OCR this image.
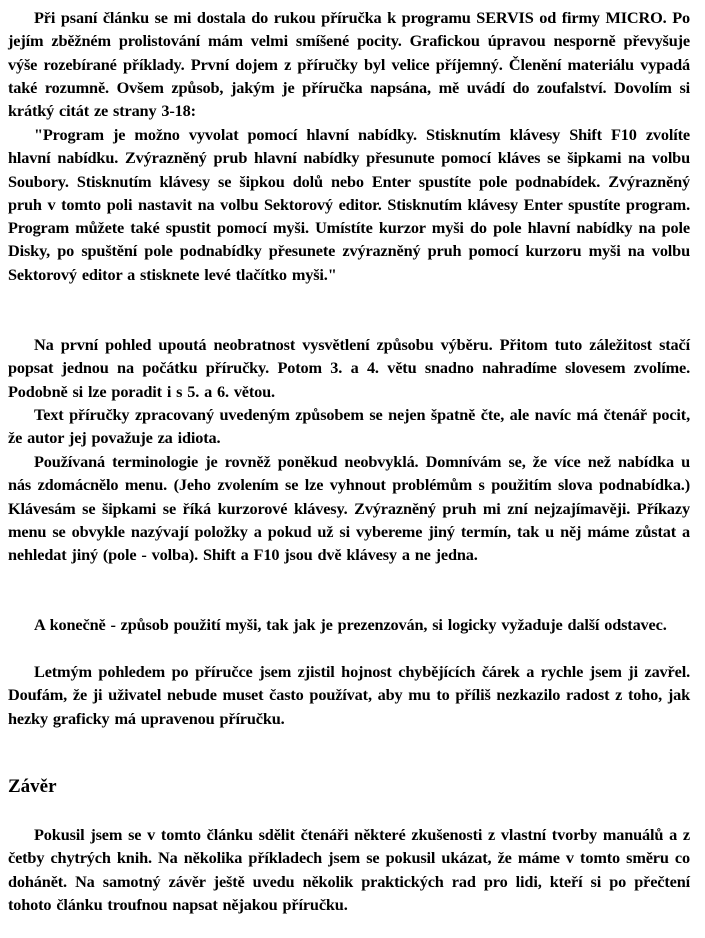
Při psaní článku se mi dostala do rukou příručka k programu SERVIS od firmy MICRO. Po jejím zběžném prolistování mám velmi smíšené pocity. Grafickou úpravou nesporně převyšuje výše rozebírané příklady. První dojem z příručky byl velice příjemný. Členění materiálu vypadá také rozumně. Ovšem způsob, jakým je příručka napsána, mě uvádí do zoufalství. Dovolím si krátký citát ze strany 3-18:

"Program je možno vyvolat pomocí hlavní nabídky. Stisknutím klávesy Shift F10 zvolíte hlavní nabídku. Zvýrazněný prub hlavní nabídky přesunute pomocí kláves se šipkami na volbu Soubory. Stisknutím klávesy se šipkou dolů nebo Enter spustíte pole podnabídek. Zvýrazněný pruh v tomto poli nastavit na volbu Sektorový editor. Stisknutím klávesy Enter spustíte program. Program můžete také spustit pomocí myši. Umístíte kurzor myši do pole hlavní nabídky na pole Disky, po spuštění pole podnabídky přesunete zvýrazněný pruh pomocí kurzoru myši na volbu Sektorový editor a stisknete levé tlačítko myši."

Na první pohled upoutá neobratnost vysvětlení způsobu výběru. Přitom tuto záležitost stačí popsat jednou na počátku příručky. Potom 3. a 4. větu snadno nahradíme slovesem zvolíme. Podobně si lze poradit i s 5. a 6. větou.

Text příručky zpracovaný uvedeným způsobem se nejen špatně čte, ale navíc má čtenář pocit, že autor jej považuje za idiota.

Používaná terminologie je rovněž poněkud neobvyklá. Domnívám se, že více než nabídka u nás zdomácnělo menu. (Jeho zvolením se lze vyhnout problémům s použitím slova podnabídka.) Klávesám se šipkami se říká kurzorové klávesy. Zvýrazněný pruh mi zní nejzajímavěji. Příkazy menu se obvykle nazývají položky a pokud už si vybereme jiný termín, tak u něj máme zůstat a nehledat jiný (pole - volba). Shift a F10 jsou dvě klávesy a ne jedna.

A konečně - způsob použití myši, tak jak je prezenzován, si logicky vyžaduje další odstavec.

Letmým pohledem po příručce jsem zjistil hojnost chybějících čárek a rychle jsem ji zavřel. Doufám, že ji uživatel nebude muset často používat, aby mu to příliš nezkazilo radost z toho, jak hezky graficky má upravenou příručku.

Závěr

Pokusil jsem se v tomto článku sdělit čtenáři některé zkušenosti z vlastní tvorby manuálů a z četby chytrých knih. Na několika příkladech jsem se pokusil ukázat, že máme v tomto směru co dohánět. Na samotný závěr ještě uvedu několik praktických rad pro lidi, kteří si po přečtení tohoto článku troufnou napsat nějakou příručku.
